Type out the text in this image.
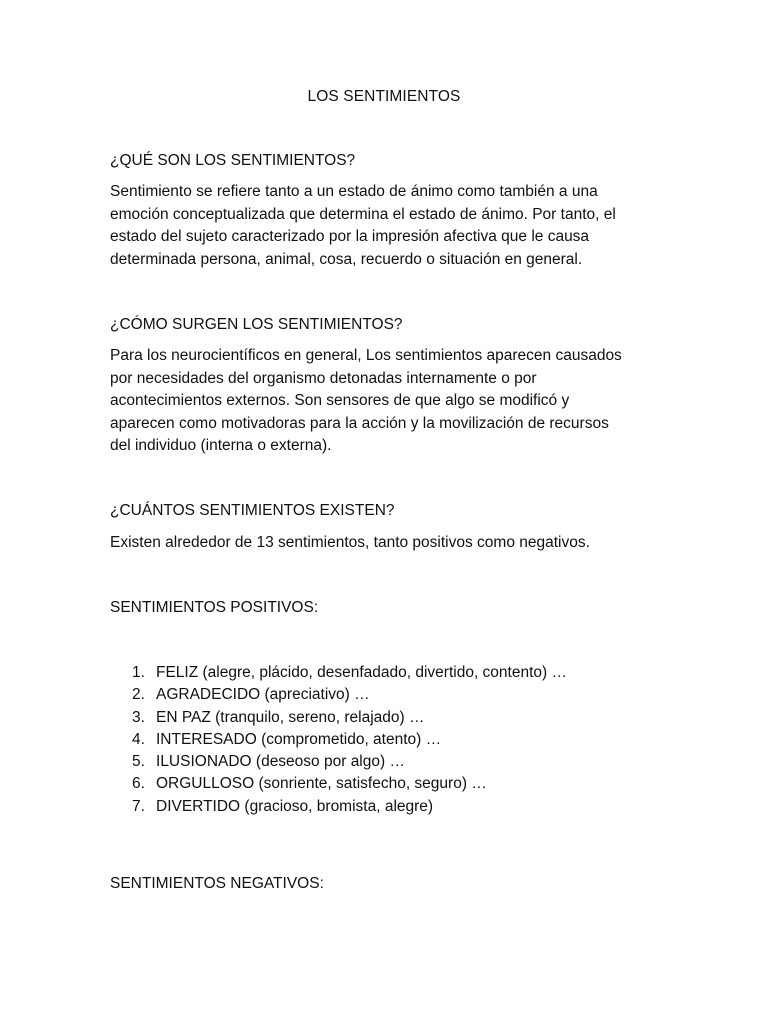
LOS SENTIMIENTOS
¿QUÉ SON LOS SENTIMIENTOS?
Sentimiento se refiere tanto a un estado de ánimo como también a una
emoción conceptualizada que determina el estado de ánimo. Por tanto, el
estado del sujeto caracterizado por la impresión afectiva que le causa
determinada persona, animal, cosa, recuerdo o situación en general.
¿CÓMO SURGEN LOS SENTIMIENTOS?
Para los neurocientíficos en general, Los sentimientos aparecen causados
por necesidades del organismo detonadas internamente o por
acontecimientos externos. Son sensores de que algo se modificó y
aparecen como motivadoras para la acción y la movilización de recursos
del individuo (interna o externa).
¿CUÁNTOS SENTIMIENTOS EXISTEN?
Existen alrededor de 13 sentimientos, tanto positivos como negativos.
SENTIMIENTOS POSITIVOS:
1. FELIZ (alegre, plácido, desenfadado, divertido, contento) …
2. AGRADECIDO (apreciativo) …
3. EN PAZ (tranquilo, sereno, relajado) …
4. INTERESADO (comprometido, atento) …
5. ILUSIONADO (deseoso por algo) …
6. ORGULLOSO (sonriente, satisfecho, seguro) …
7. DIVERTIDO (gracioso, bromista, alegre)
SENTIMIENTOS NEGATIVOS:
